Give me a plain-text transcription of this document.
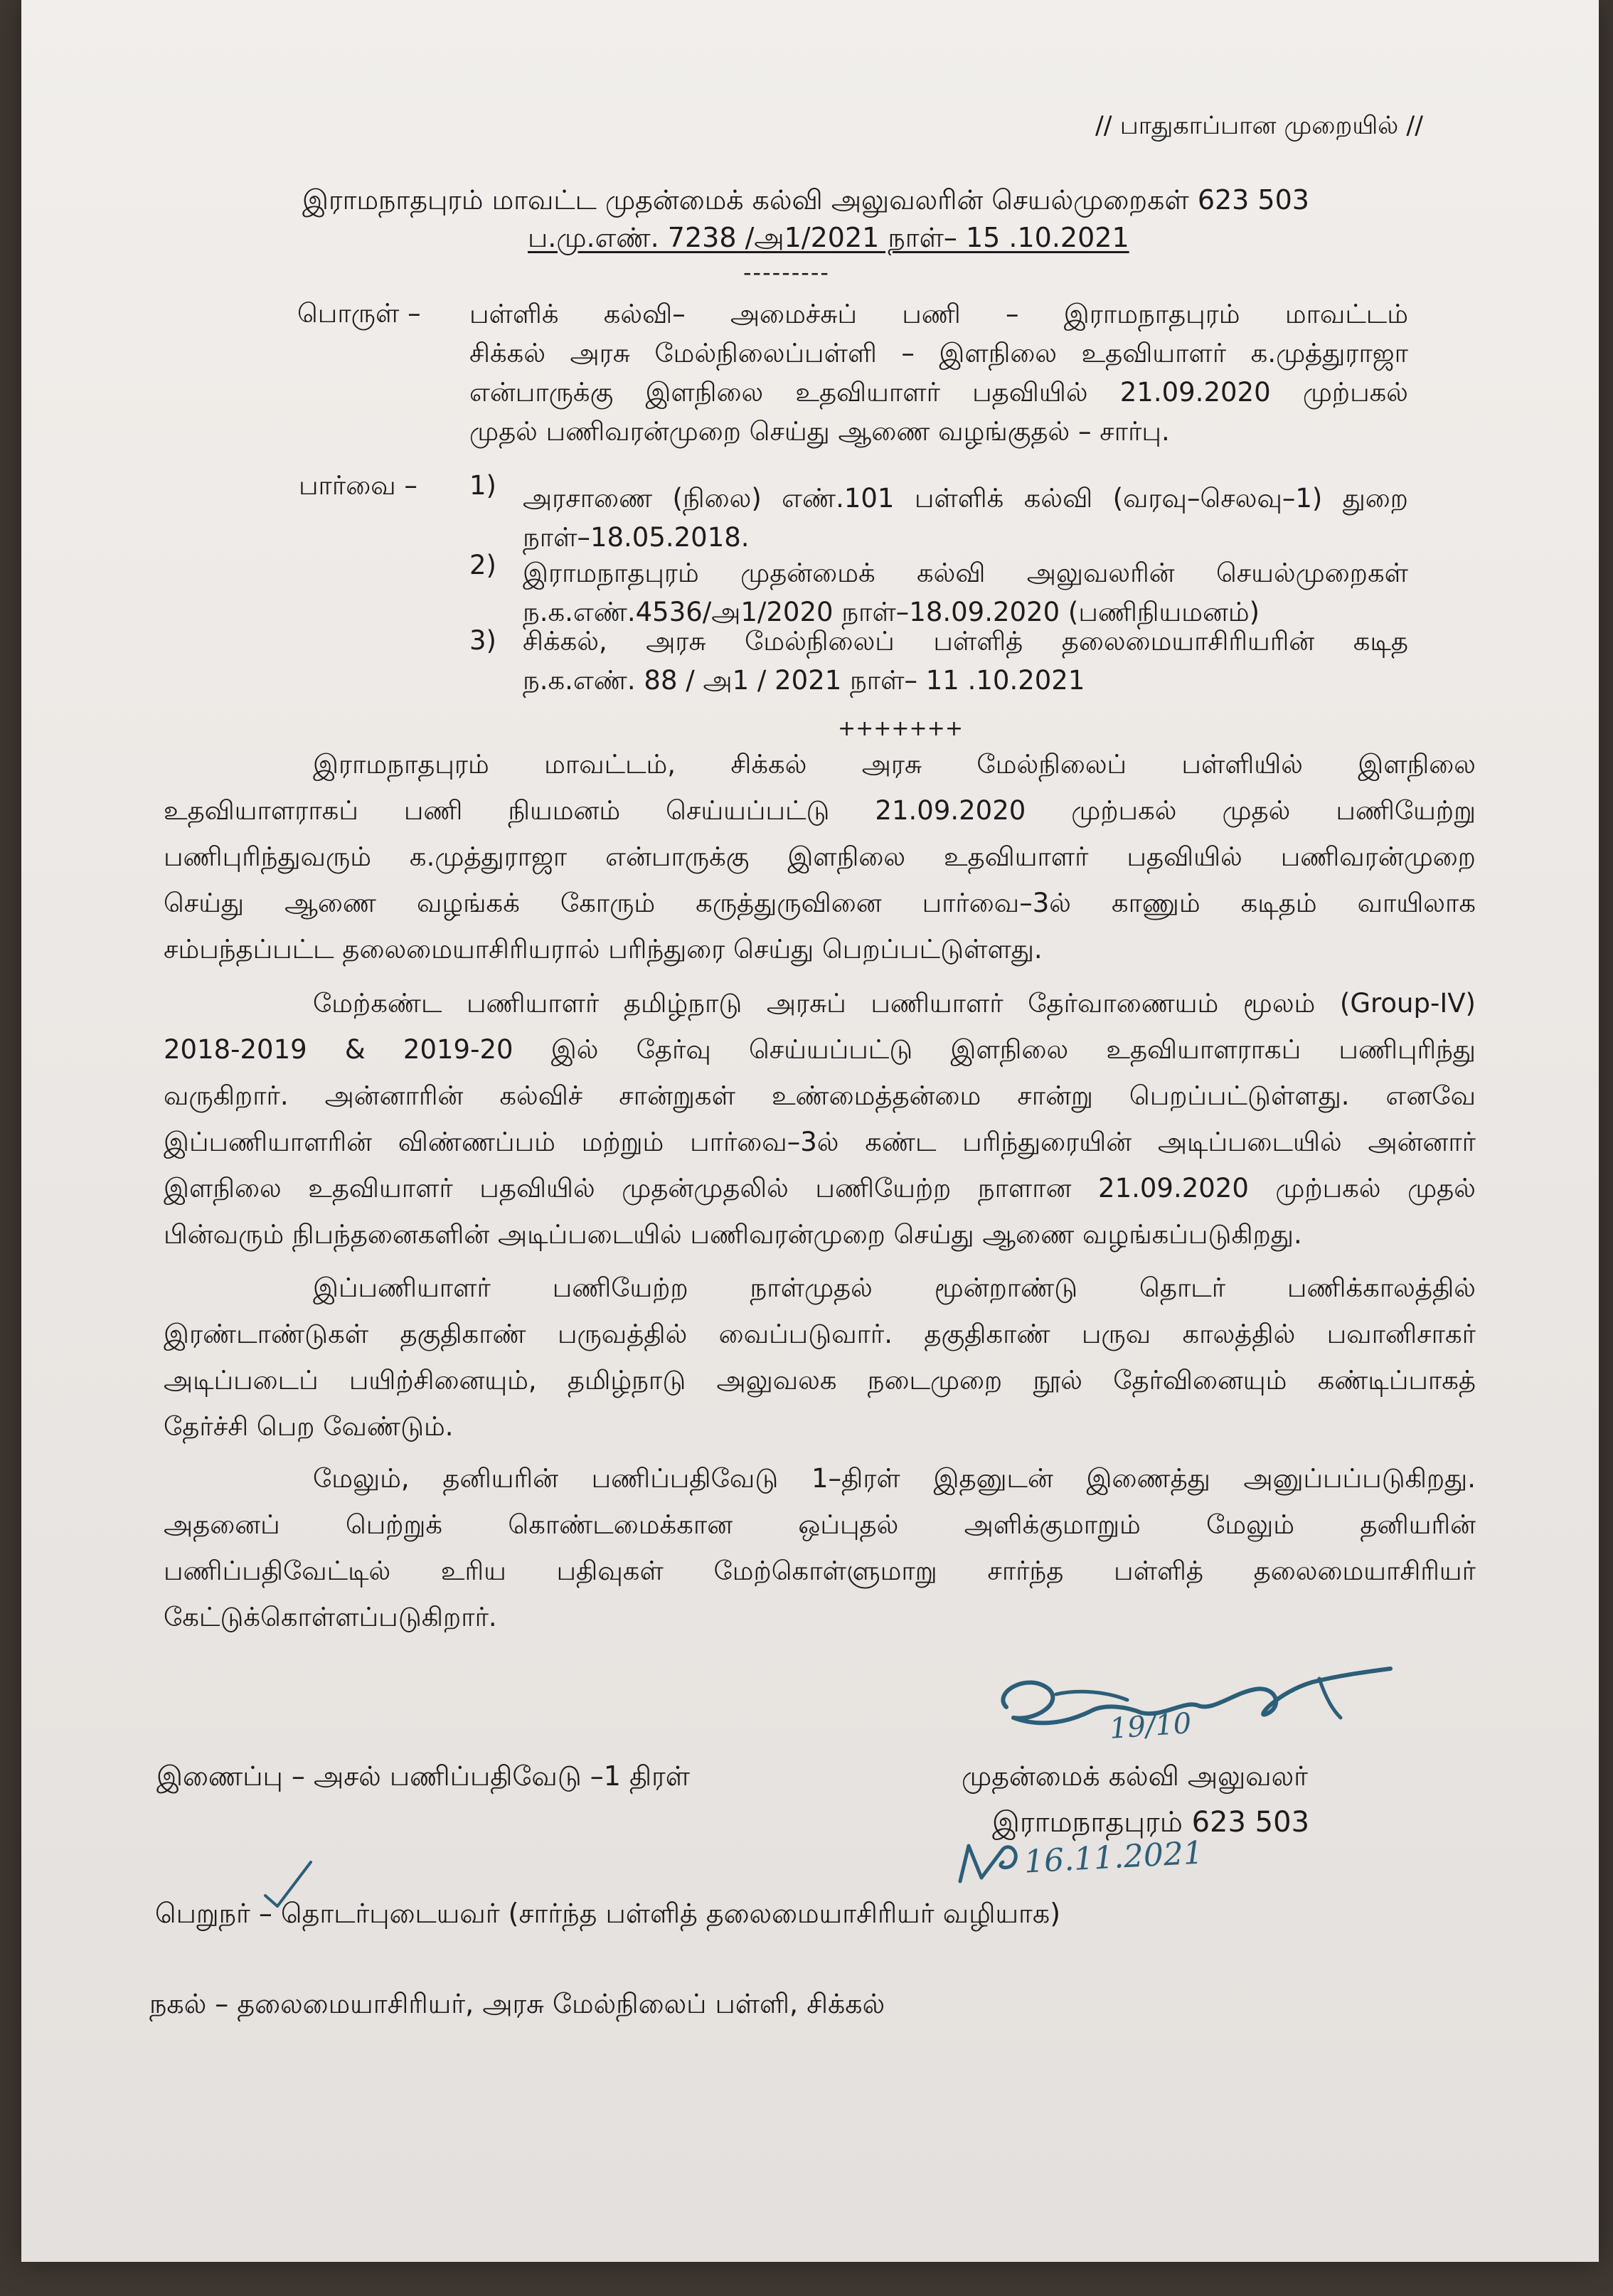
// பாதுகாப்பான முறையில் //
இராமநாதபுரம் மாவட்ட முதன்மைக் கல்வி அலுவலரின் செயல்முறைகள் 623 503
ப.மு.எண். 7238 /அ1/2021 நாள்– 15 .10.2021
---------
பொருள் – பள்ளிக் கல்வி– அமைச்சுப் பணி – இராமநாதபுரம் மாவட்டம்
சிக்கல் அரசு மேல்நிலைப்பள்ளி – இளநிலை உதவியாளர் க.முத்துராஜா
என்பாருக்கு இளநிலை உதவியாளர் பதவியில் 21.09.2020 முற்பகல்
முதல் பணிவரன்முறை செய்து ஆணை வழங்குதல் – சார்பு.
பார்வை – 1) அரசாணை (நிலை) எண்.101 பள்ளிக் கல்வி (வரவு–செலவு–1) துறை
நாள்–18.05.2018.
2) இராமநாதபுரம் முதன்மைக் கல்வி அலுவலரின் செயல்முறைகள்
ந.க.எண்.4536/அ1/2020 நாள்–18.09.2020 (பணிநியமனம்)
3) சிக்கல், அரசு மேல்நிலைப் பள்ளித் தலைமையாசிரியரின் கடித
ந.க.எண். 88 / அ1 / 2021 நாள்– 11 .10.2021
+++++++
இராமநாதபுரம் மாவட்டம், சிக்கல் அரசு மேல்நிலைப் பள்ளியில் இளநிலை
உதவியாளராகப் பணி நியமனம் செய்யப்பட்டு 21.09.2020 முற்பகல் முதல் பணியேற்று
பணிபுரிந்துவரும் க.முத்துராஜா என்பாருக்கு இளநிலை உதவியாளர் பதவியில் பணிவரன்முறை
செய்து ஆணை வழங்கக் கோரும் கருத்துருவினை பார்வை–3ல் காணும் கடிதம் வாயிலாக
சம்பந்தப்பட்ட தலைமையாசிரியரால் பரிந்துரை செய்து பெறப்பட்டுள்ளது.
மேற்கண்ட பணியாளர் தமிழ்நாடு அரசுப் பணியாளர் தேர்வாணையம் மூலம் (Group-IV)
2018-2019 & 2019-20 இல் தேர்வு செய்யப்பட்டு இளநிலை உதவியாளராகப் பணிபுரிந்து
வருகிறார். அன்னாரின் கல்விச் சான்றுகள் உண்மைத்தன்மை சான்று பெறப்பட்டுள்ளது. எனவே
இப்பணியாளரின் விண்ணப்பம் மற்றும் பார்வை–3ல் கண்ட பரிந்துரையின் அடிப்படையில் அன்னார்
இளநிலை உதவியாளர் பதவியில் முதன்முதலில் பணியேற்ற நாளான 21.09.2020 முற்பகல் முதல்
பின்வரும் நிபந்தனைகளின் அடிப்படையில் பணிவரன்முறை செய்து ஆணை வழங்கப்படுகிறது.
இப்பணியாளர் பணியேற்ற நாள்முதல் மூன்றாண்டு தொடர் பணிக்காலத்தில்
இரண்டாண்டுகள் தகுதிகாண் பருவத்தில் வைப்படுவார். தகுதிகாண் பருவ காலத்தில் பவானிசாகர்
அடிப்படைப் பயிற்சினையும், தமிழ்நாடு அலுவலக நடைமுறை நூல் தேர்வினையும் கண்டிப்பாகத்
தேர்ச்சி பெற வேண்டும்.
மேலும், தனியரின் பணிப்பதிவேடு 1–திரள் இதனுடன் இணைத்து அனுப்பப்படுகிறது.
அதனைப் பெற்றுக் கொண்டமைக்கான ஒப்புதல் அளிக்குமாறும் மேலும் தனியரின்
பணிப்பதிவேட்டில் உரிய பதிவுகள் மேற்கொள்ளுமாறு சார்ந்த பள்ளித் தலைமையாசிரியர்
கேட்டுக்கொள்ளப்படுகிறார்.
19/10
இணைப்பு – அசல் பணிப்பதிவேடு –1 திரள்	முதன்மைக் கல்வி அலுவலர்
இராமநாதபுரம் 623 503
16.11.2021
பெறுநர் – தொடர்புடையவர் (சார்ந்த பள்ளித் தலைமையாசிரியர் வழியாக)
நகல் – தலைமையாசிரியர், அரசு மேல்நிலைப் பள்ளி, சிக்கல்
